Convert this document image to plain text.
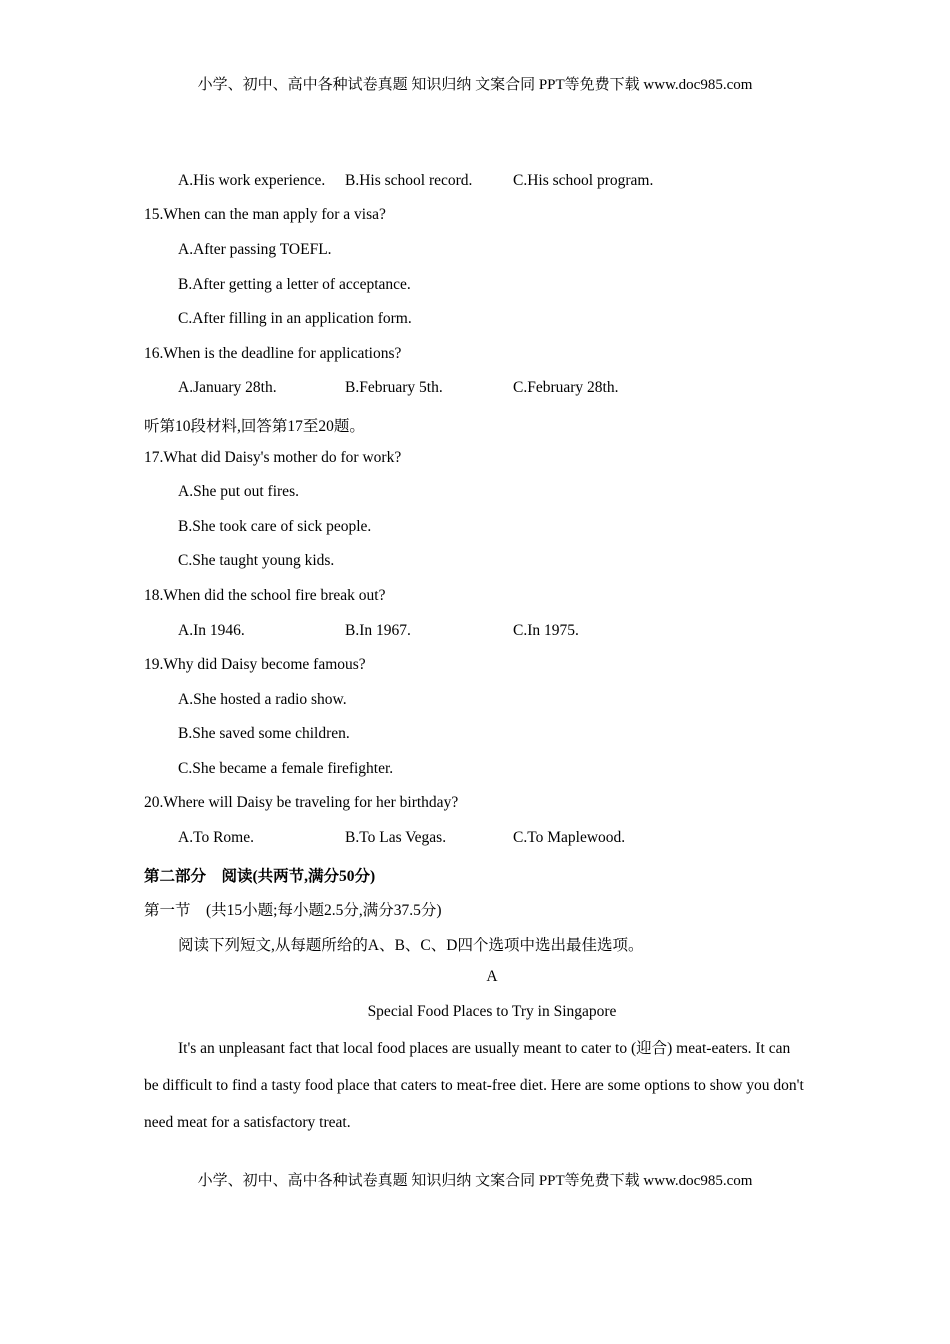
小学、初中、高中各种试卷真题 知识归纳 文案合同 PPT等免费下载 www.doc985.com
A.His work experience. B.His school record.	C.His school program.
15.When can the man apply for a visa?
A.After passing TOEFL.
B.After getting a letter of acceptance.
C.After filling in an application form.
16.When is the deadline for applications?
A.January 28th.	B.February 5th.	C.February 28th.
听第10段材料,回答第17至20题。
17.What did Daisy's mother do for work?
A.She put out fires.
B.She took care of sick people.
C.She taught young kids.
18.When did the school fire break out?
A.In 1946.	B.In 1967.	C.In 1975.
19.Why did Daisy become famous?
A.She hosted a radio show.
B.She saved some children.
C.She became a female firefighter.
20.Where will Daisy be traveling for her birthday?
A.To Rome.	B.To Las Vegas.	C.To Maplewood.
第二部分    阅读(共两节,满分50分)
第一节    (共15小题;每小题2.5分,满分37.5分)
阅读下列短文,从每题所给的A、B、C、D四个选项中选出最佳选项。
A
Special Food Places to Try in Singapore
It's an unpleasant fact that local food places are usually meant to cater to (迎合) meat-eaters. It can be difficult to find a tasty food place that caters to meat-free diet. Here are some options to show you don't need meat for a satisfactory treat.
小学、初中、高中各种试卷真题 知识归纳 文案合同 PPT等免费下载 www.doc985.com
